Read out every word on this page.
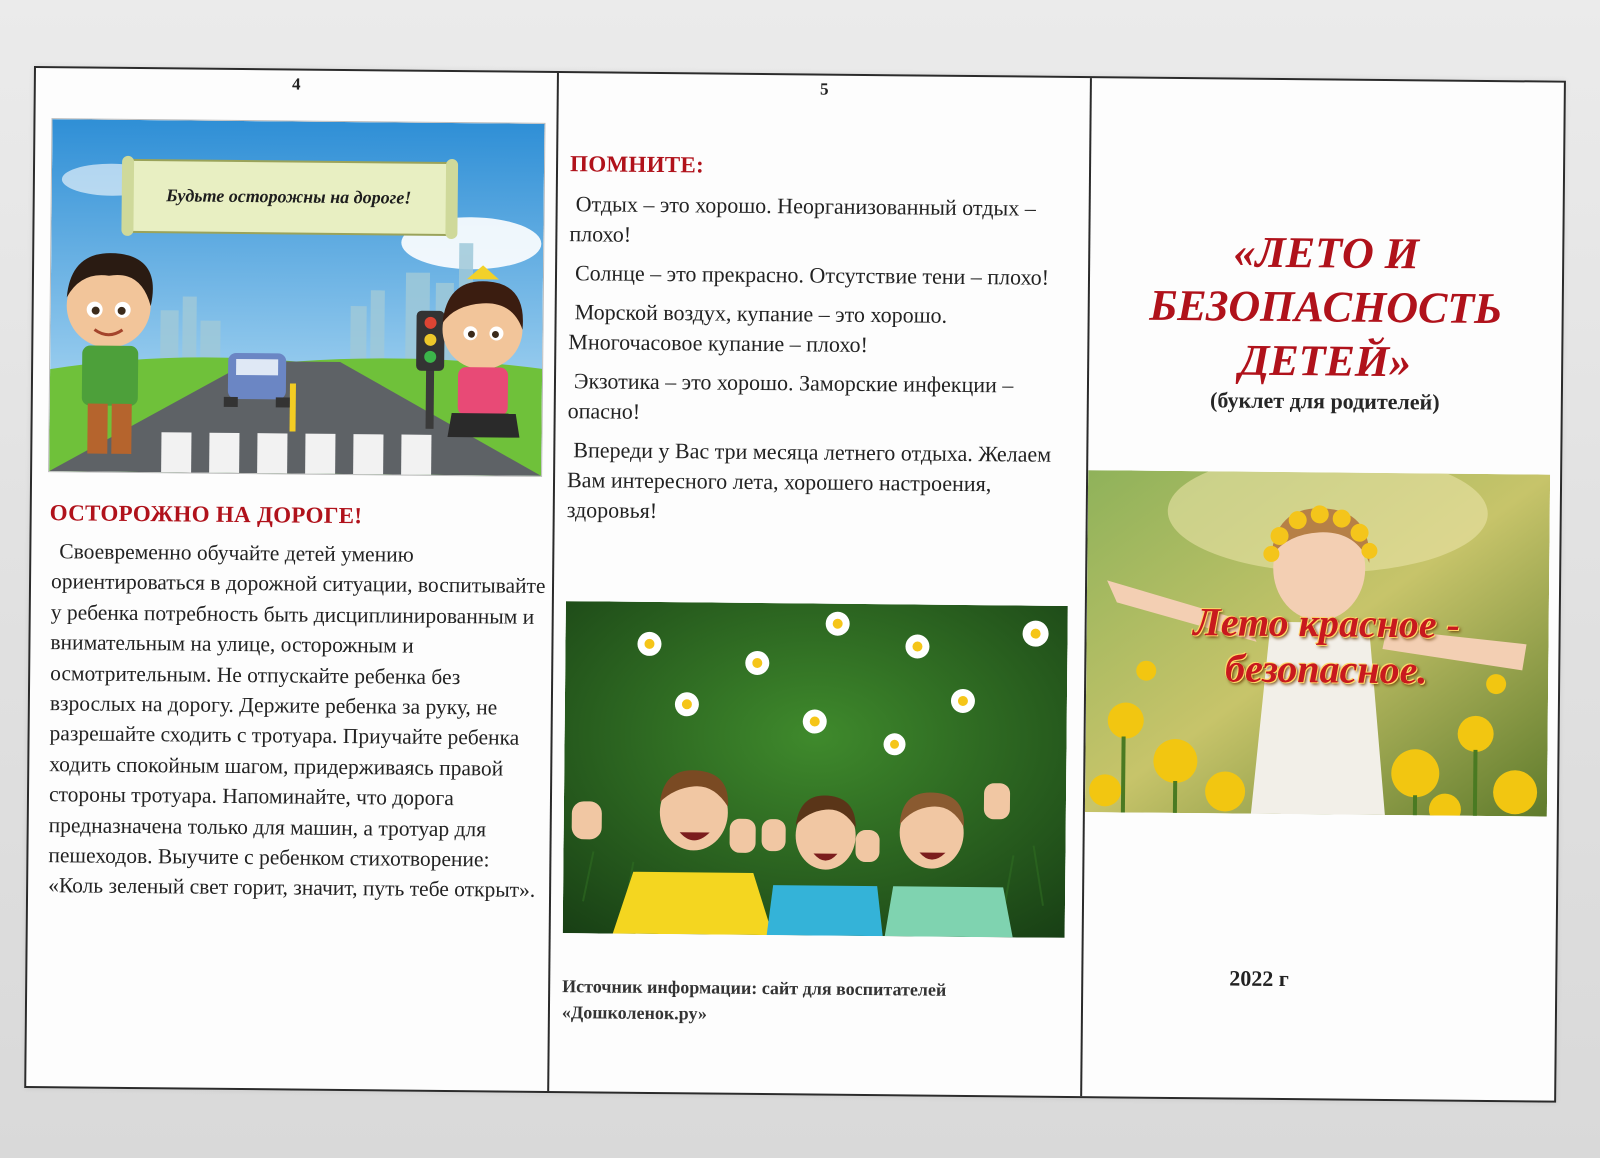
4
Будьте осторожны на дороге!
ОСТОРОЖНО НА ДОРОГЕ!
Своевременно обучайте детей умению ориентироваться в дорожной ситуации, воспитывайте у ребенка потребность быть дисциплинированным и внимательным на улице, осторожным и осмотрительным. Не отпускайте ребенка без взрослых на дорогу. Держите ребенка за руку, не разрешайте сходить с тротуара. Приучайте ребенка ходить спокойным шагом, придерживаясь правой стороны тротуара. Напоминайте, что дорога предназначена только для машин, а тротуар для пешеходов. Выучите с ребенком стихотворение: «Коль зеленый свет горит, значит, путь тебе открыт».
5
ПОМНИТЕ:

Отдых – это хорошо. Неорганизованный отдых – плохо!

Солнце – это прекрасно. Отсутствие тени – плохо!

Морской воздух, купание – это хорошо. Многочасовое купание – плохо!

Экзотика – это хорошо. Заморские инфекции – опасно!

Впереди у Вас три месяца летнего отдыха. Желаем Вам интересного лета, хорошего настроения, здоровья!

Источник информации: сайт для воспитателей «Дошколенок.ру»
«ЛЕТО И БЕЗОПАСНОСТЬ ДЕТЕЙ»
(буклет для родителей)
Лето красное - безопасное.
2022 г
